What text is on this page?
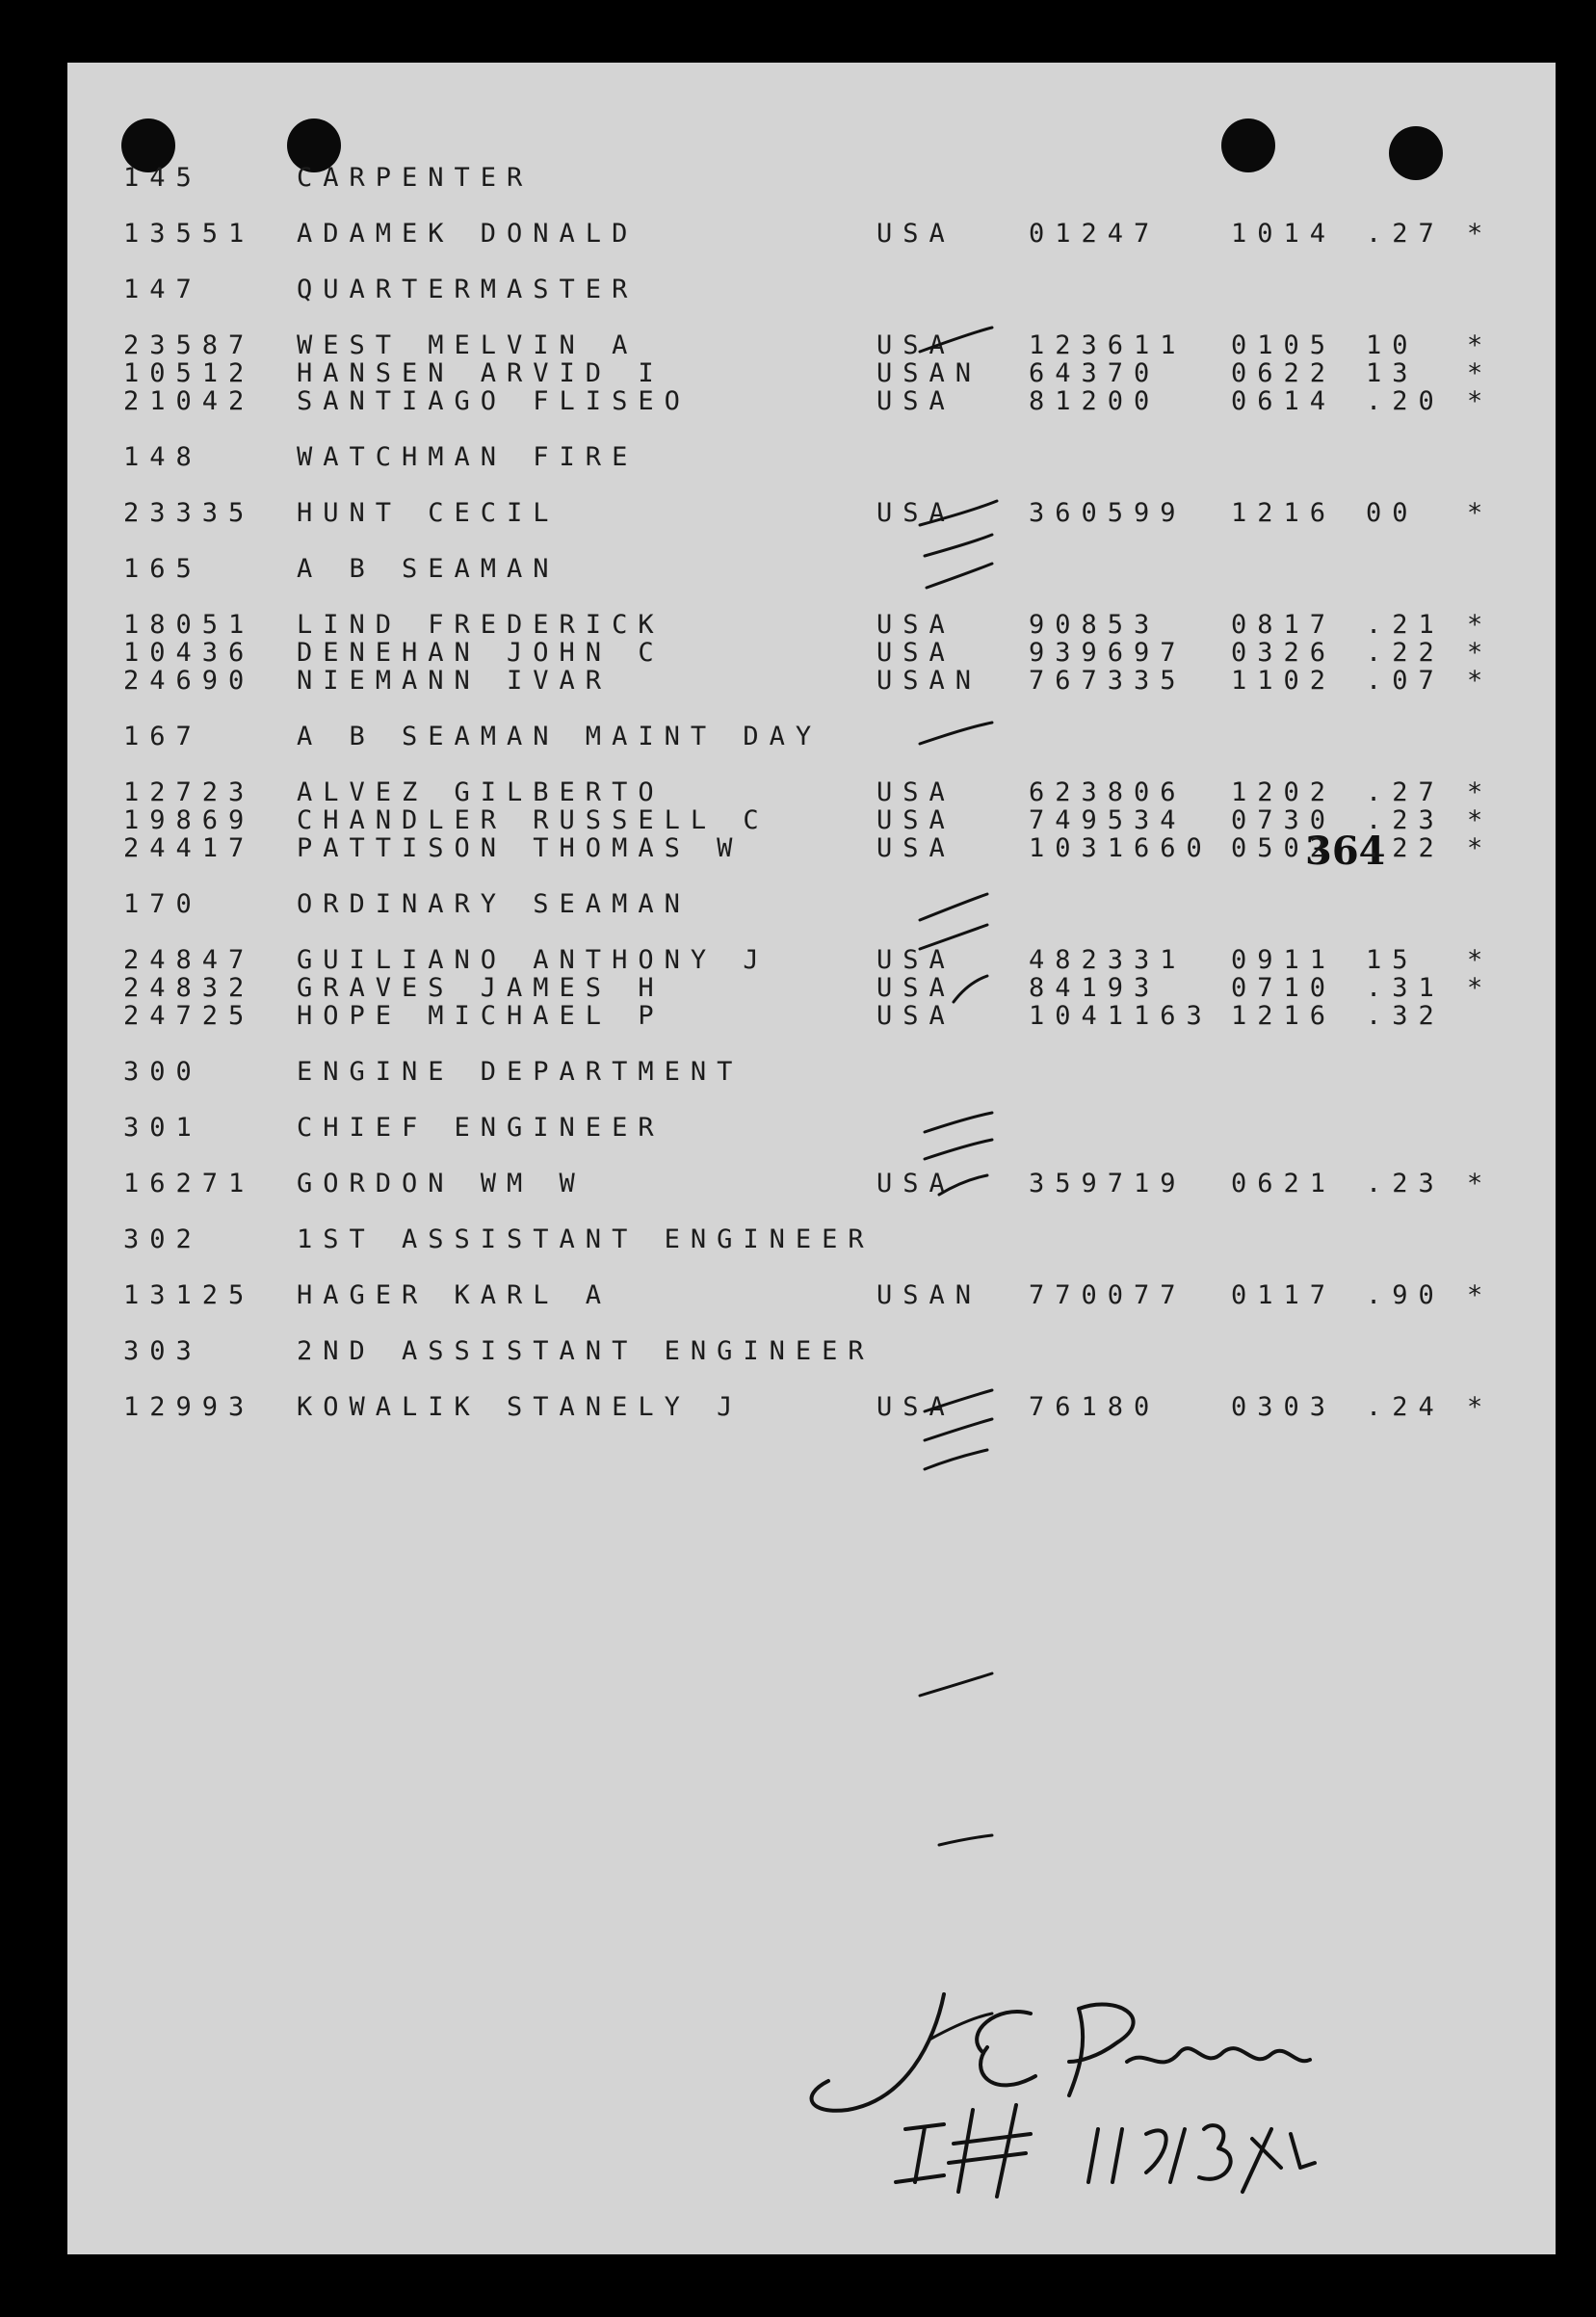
364
145	CARPENTER
13551 ADAMEK DONALD	USA	01247	1014 .27 *
147	QUARTERMASTER
23587 WEST MELVIN A	USA	123611 0105 10 *
10512 HANSEN ARVID I	USAN 64370	0622 13 *
21042 SANTIAGO FLISEO	USA	81200	0614 .20 *
148	WATCHMAN FIRE
23335 HUNT CECIL	USA	360599 1216 00 *
165	A B SEAMAN
18051 LIND FREDERICK	USA	90853	0817 .21 *
10436 DENEHAN JOHN C	USA	939697 0326 .22 *
24690 NIEMANN IVAR	USAN 767335 1102 .07 *
167	A B SEAMAN MAINT DAY
12723 ALVEZ GILBERTO	USA	623806 1202 .27 *
19869 CHANDLER RUSSELL C	USA	749534 0730 .23 *
24417 PATTISON THOMAS W	USA	1031660 0502 .22 *
170	ORDINARY SEAMAN
24847 GUILIANO ANTHONY J	USA	482331 0911 15 *
24832 GRAVES JAMES H	USA	84193	0710 .31 *
24725 HOPE MICHAEL P	USA	1041163 1216 .32
300	ENGINE DEPARTMENT
301	CHIEF ENGINEER
16271 GORDON WM W	USA	359719 0621 .23 *
302	1ST ASSISTANT ENGINEER
13125 HAGER KARL A	USAN 770077 0117 .90 *
303	2ND ASSISTANT ENGINEER
12993 KOWALIK STANELY J	USA	76180	0303 .24 *
